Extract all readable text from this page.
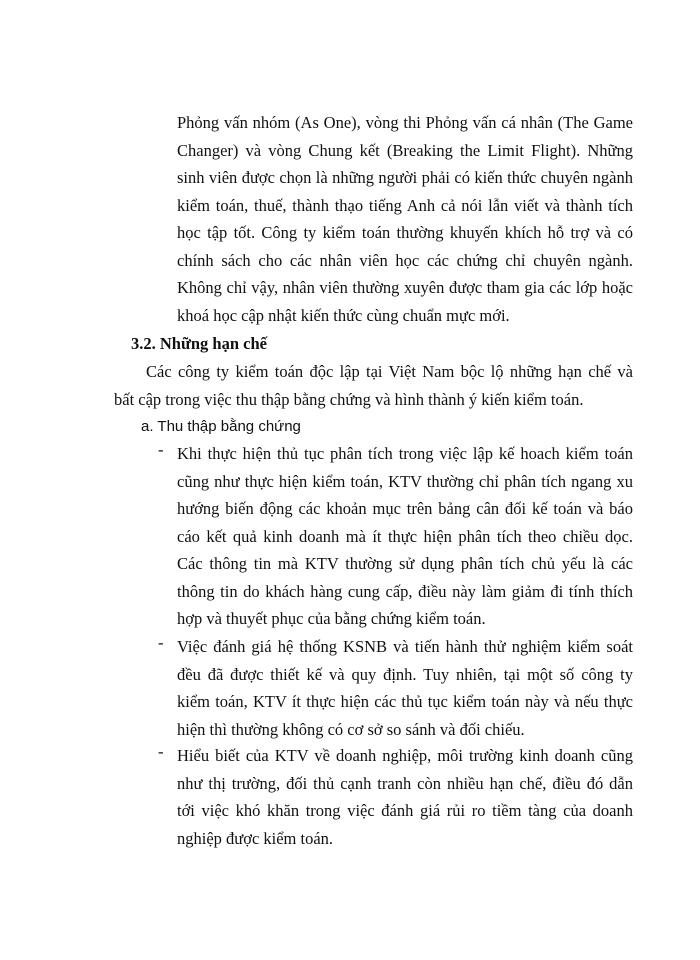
Phỏng vấn nhóm (As One), vòng thi Phỏng vấn cá nhân (The Game
Changer) và vòng Chung kết (Breaking the Limit Flight). Những
sinh viên được chọn là những người phải có kiến thức chuyên ngành
kiểm toán, thuế, thành thạo tiếng Anh cả nói lẫn viết và thành tích
học tập tốt. Công ty kiểm toán thường khuyến khích hỗ trợ và có
chính sách cho các nhân viên học các chứng chỉ chuyên ngành.
Không chỉ vậy, nhân viên thường xuyên được tham gia các lớp hoặc
khoá học cập nhật kiến thức cùng chuẩn mực mới.
3.2. Những hạn chế
Các công ty kiểm toán độc lập tại Việt Nam bộc lộ những hạn chế và
bất cập trong việc thu thập bằng chứng và hình thành ý kiến kiểm toán.
a. Thu thập bằng chứng
- Khi thực hiện thủ tục phân tích trong việc lập kế hoach kiểm toán
cũng như thực hiện kiểm toán, KTV thường chỉ phân tích ngang xu
hướng biến động các khoản mục trên bảng cân đối kế toán và báo
cáo kết quả kinh doanh mà ít thực hiện phân tích theo chiều dọc.
Các thông tin mà KTV thường sử dụng phân tích chủ yếu là các
thông tin do khách hàng cung cấp, điều này làm giảm đi tính thích
hợp và thuyết phục của bằng chứng kiểm toán.
- Việc đánh giá hệ thống KSNB và tiến hành thử nghiệm kiểm soát
đều đã được thiết kế và quy định. Tuy nhiên, tại một số công ty
kiểm toán, KTV ít thực hiện các thủ tục kiểm toán này và nếu thực
hiện thì thường không có cơ sở so sánh và đối chiếu.
- Hiểu biết của KTV về doanh nghiệp, môi trường kinh doanh cũng
như thị trường, đối thủ cạnh tranh còn nhiều hạn chế, điều đó dẫn
tới việc khó khăn trong việc đánh giá rủi ro tiềm tàng của doanh
nghiệp được kiểm toán.
